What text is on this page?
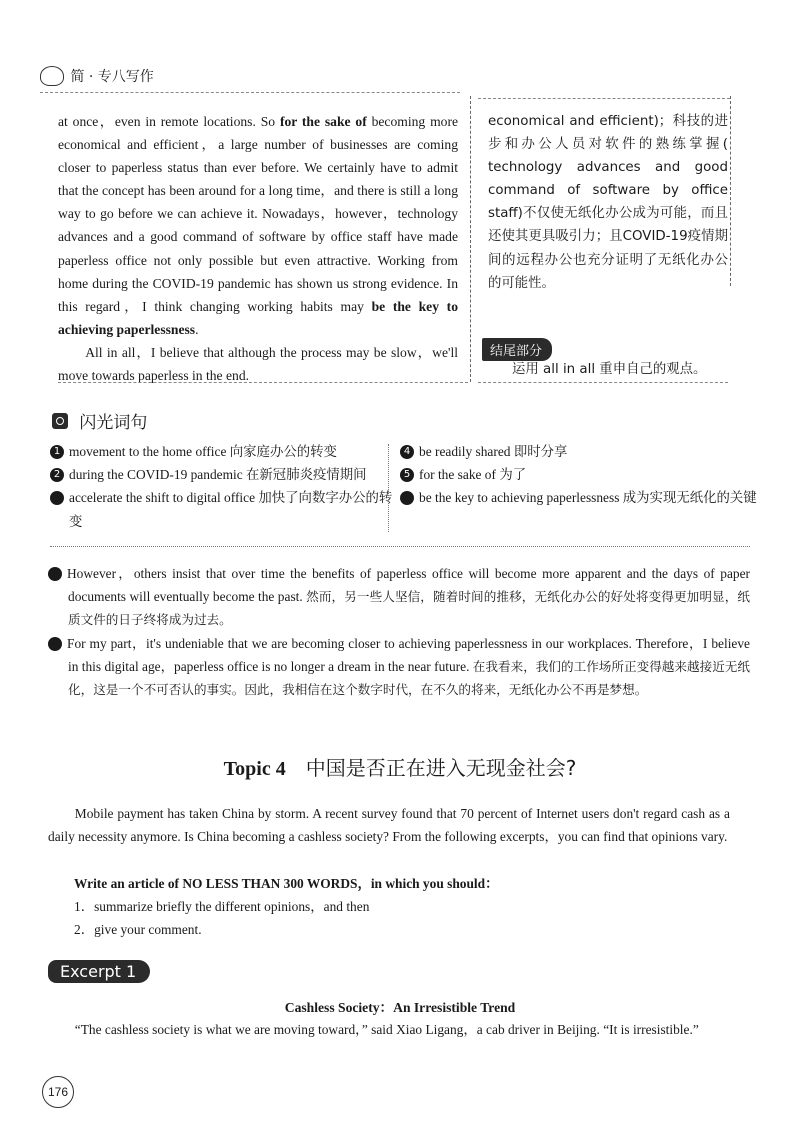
简 · 专八写作

at once，even in remote locations. So for the sake of becoming more economical and efficient，a large number of businesses are coming closer to paperless status than ever before. We certainly have to admit that the concept has been around for a long time，and there is still a long way to go before we can achieve it. Nowadays，however，technology advances and a good command of software by office staff have made paperless office not only possible but even attractive. Working from home during the COVID-19 pandemic has shown us strong evidence. In this regard，I think changing working habits may be the key to achieving paperlessness.

All in all，I believe that although the process may be slow，we'll move towards paperless in the end.

economical and efficient)；科技的进步和办公人员对软件的熟练掌握( technology advances and good command of software by office staff)不仅使无纸化办公成为可能，而且还使其更具吸引力；且COVID-19疫情期间的远程办公也充分证明了无纸化办公的可能性。
结尾部分
运用 all in all 重申自己的观点。
闪光词句
1 movement to the home office 向家庭办公的转变
2 during the COVID-19 pandemic 在新冠肺炎疫情期间
3 accelerate the shift to digital office 加快了向数字办公的转变
4 be readily shared 即时分享
5 for the sake of 为了
6 be the key to achieving paperlessness 成为实现无纸化的关键
7 However，others insist that over time the benefits of paperless office will become more apparent and the days of paper documents will eventually become the past. 然而，另一些人坚信，随着时间的推移，无纸化办公的好处将变得更加明显，纸质文件的日子终将成为过去。
8 For my part，it's undeniable that we are becoming closer to achieving paperlessness in our workplaces. Therefore，I believe in this digital age，paperless office is no longer a dream in the near future. 在我看来，我们的工作场所正变得越来越接近无纸化，这是一个不可否认的事实。因此，我相信在这个数字时代，在不久的将来，无纸化办公不再是梦想。
Topic 4 中国是否正在进入无现金社会?
Mobile payment has taken China by storm. A recent survey found that 70 percent of Internet users don't regard cash as a daily necessity anymore. Is China becoming a cashless society? From the following excerpts，you can find that opinions vary.
Write an article of NO LESS THAN 300 WORDS，in which you should：
1．summarize briefly the different opinions，and then
2．give your comment.
Excerpt 1
Cashless Society：An Irresistible Trend
“The cashless society is what we are moving toward，” said Xiao Ligang，a cab driver in Beijing. “It is irresistible.”
176
